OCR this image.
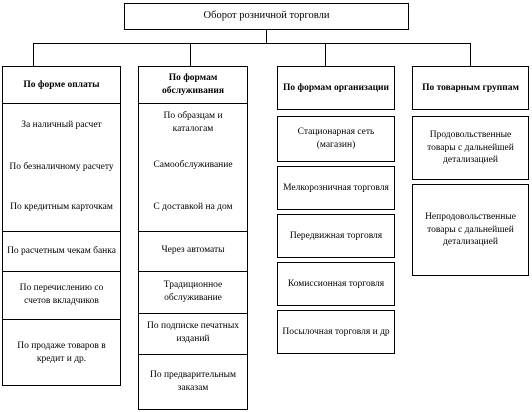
Оборот розничной торговли
По форме оплаты
За наличный расчет
По безналичному расчету
По кредитным карточкам
По расчетным чекам банка
По перечислению со счетов вкладчиков
По продаже товаров в кредит и др.
По формам обслуживания
По образцам и каталогам
Самообслуживание
С доставкой на дом
Через автоматы
Традиционное обслуживание
По подписке печатных изданий
По предварительным заказам
По формам организации
Стационарная сеть (магазин)
Мелкорозничная торговля
Передвижная торговля
Комиссионная торговля
Посылочная торговля и др
По товарным группам
Продовольственные товары с дальнейшей детализацией
Непродовольственные товары с дальнейшей детализацией
